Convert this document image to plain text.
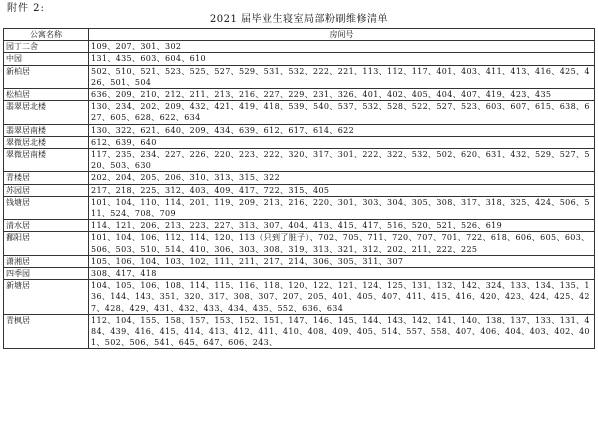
附件 2:
2021 届毕业生寝室局部粉刷维修清单
公寓名称	房间号
园丁二舍	109、207、301、302
中园	131、435、603、604、610
新柏居	502、510、521、523、525、527、529、531、532、222、221、113、112、117、401、403、411、413、416、425、426、501、504
松柏居	636、209、210、212、211、213、216、227、229、231、326、401、402、405、404、407、419、423、435
翡翠居北楼	130、234、202、209、432、421、419、418、539、540、537、532、528、522、527、523、603、607、615、638、627、605、628、622、634
翡翠居南楼	130、322、621、640、209、434、639、612、617、614、622
翠微居北楼	612、639、640
翠微居南楼	117、235、234、227、226、220、223、222、320、317、301、222、322、532、502、620、631、432、529、527、520、503、630
青楼居	202、204、205、206、310、313、315、322
苏园居	217、218、225、312、403、409、417、722、315、405
钱塘居	101、104、110、114、201、119、209、213、216、220、301、303、304、305、308、317、318、325、424、506、511、524、708、709
清水居	114、121、206、213、223、227、313、307、404、413、415、417、516、520、521、526、619
鄱阳居	101、104、106、112、114、120、113（只到了脏子）、702、705、711、720、707、701、722、618、606、605、603、506、503、510、514、410、306、303、308、319、313、321、312、202、211、222、225
潇湘居	105、106、104、103、102、111、211、217、214、306、305、311、307
四季园	308、417、418
新塘居	104、105、106、108、114、115、116、118、120、122、121、124、125、131、132、142、324、133、134、135、136、144、143、351、320、317、308、307、207、205、401、405、407、411、415、416、420、423、424、425、427、428、429、431、432、433、434、435、552、636、634
青枫居	112、104、155、158、157、153、152、151、147、146、145、144、143、142、141、140、138、137、133、131、484、439、416、415、414、413、412、411、410、408、409、405、514、557、558、407、406、404、403、402、401、502、506、541、645、647、606、243、
